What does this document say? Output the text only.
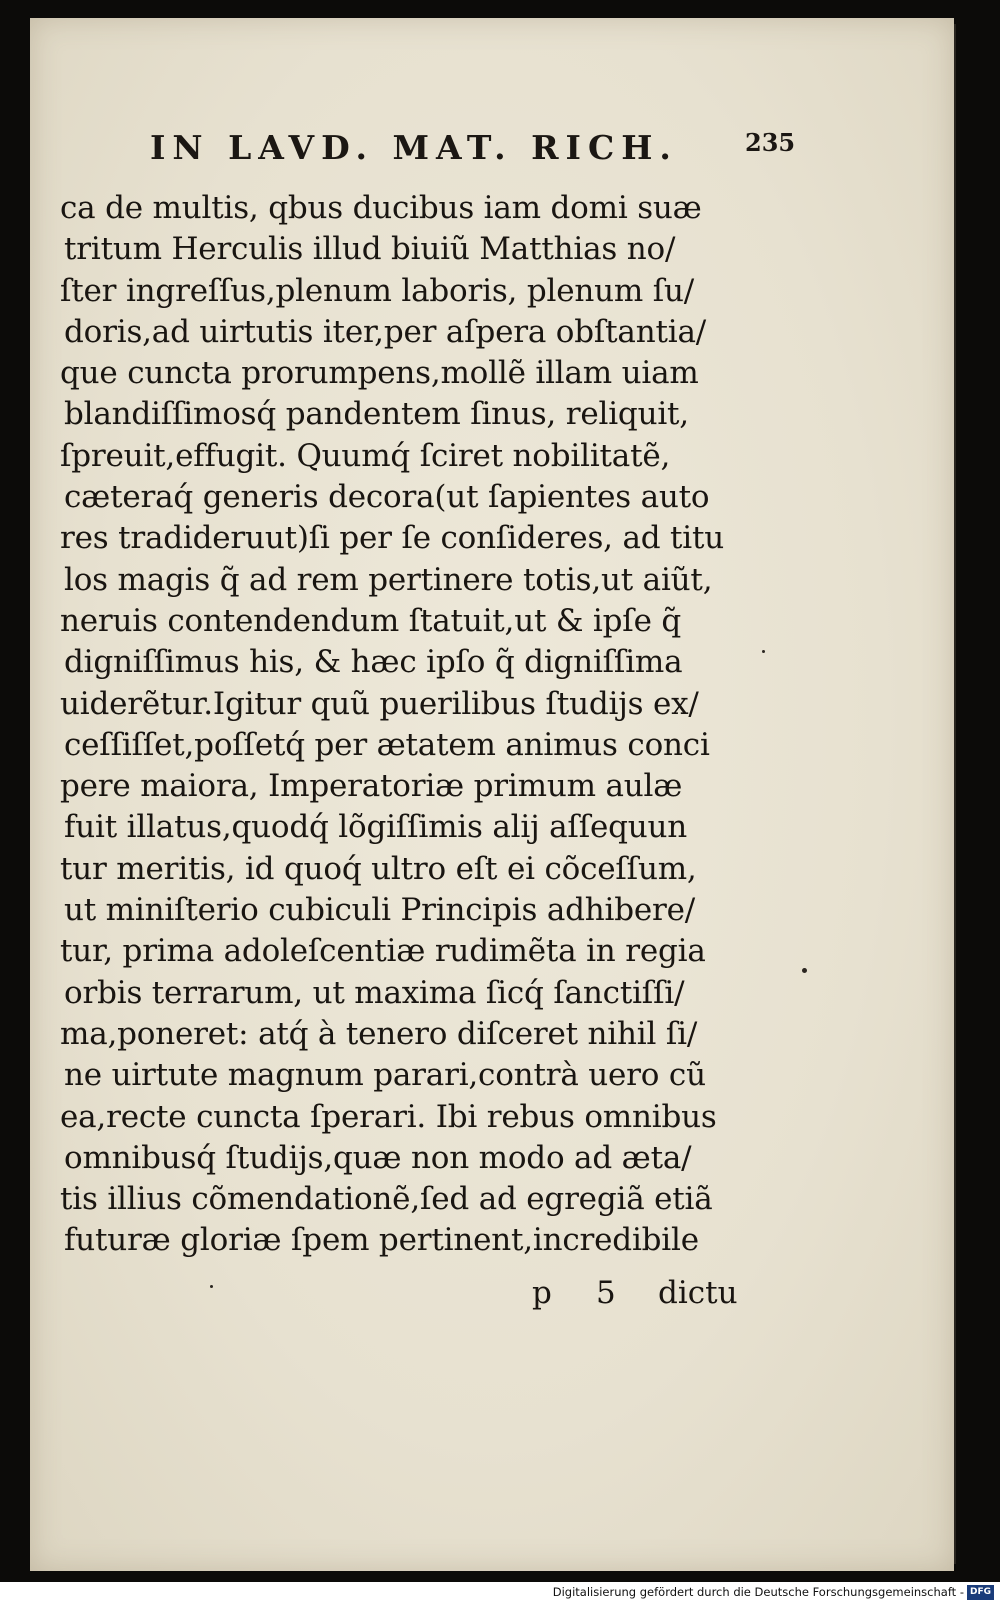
IN LAVD. MAT. RICH.	235
ca de multis, qbus ducibus iam domi suæ
tritum Herculis illud biuiũ Matthias no/
ſter ingreſſus,plenum laboris, plenum ſu/
doris,ad uirtutis iter,per aſpera obſtantia/
que cuncta prorumpens,mollẽ illam uiam
blandiſſimosq́ pandentem ſinus, reliquit,
ſpreuit,effugit. Quumq́ ſciret nobilitatẽ,
cæteraq́ generis decora(ut ſapientes auto
res tradideruut)ſi per ſe conſideres, ad titu
los magis q̃ ad rem pertinere totis,ut aiũt,
neruis contendendum ſtatuit,ut & ipſe q̃
digniſſimus his, & hæc ipſo q̃ digniſſima
uiderẽtur.Igitur quũ puerilibus ſtudijs ex/
ceſſiſſet,poſſetq́ per ætatem animus conci
pere maiora, Imperatoriæ primum aulæ
fuit illatus,quodq́ lõgiſſimis alij aſſequun
tur meritis, id quoq́ ultro eſt ei cõceſſum,
ut miniſterio cubiculi Principis adhibere/
tur, prima adoleſcentiæ rudimẽta in regia
orbis terrarum, ut maxima ſicq́ ſanctiſſi/
ma,poneret: atq́ à tenero diſceret nihil ſi/
ne uirtute magnum parari,contrà uero cũ
ea,recte cuncta ſperari. Ibi rebus omnibus
omnibusq́ ſtudijs,quæ non modo ad æta/
tis illius cõmendationẽ,ſed ad egregiã etiã
futuræ gloriæ ſpem pertinent,incredibile
p 5 dictu
Digitalisierung gefördert durch die Deutsche Forschungsgemeinschaft - DFG
